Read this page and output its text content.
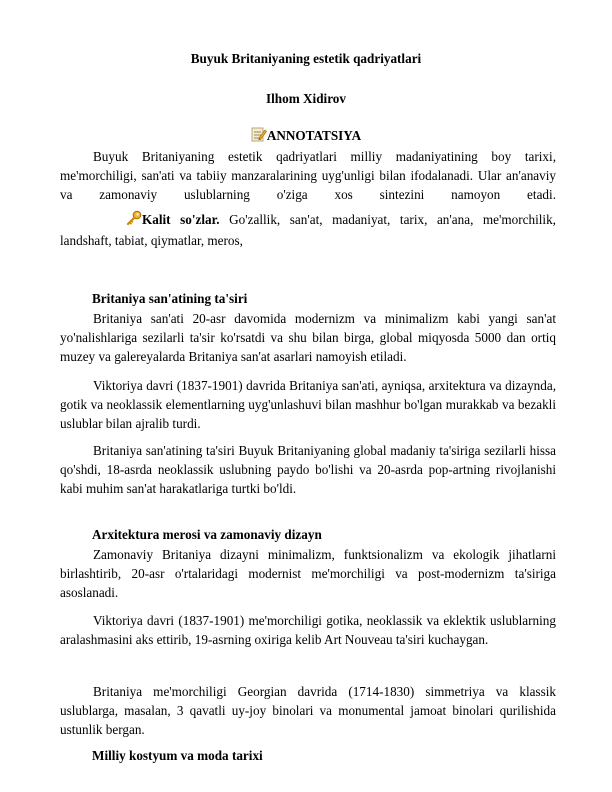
Buyuk Britaniyaning estetik qadriyatlari
Ilhom Xidirov
ANNOTATSIYA
Buyuk Britaniyaning estetik qadriyatlari milliy madaniyatining boy tarixi,
me'morchiligi, san'ati va tabiiy manzaralarining uyg'unligi bilan ifodalanadi. Ular an'anaviy va zamonaviy uslublarning o'ziga xos sintezini namoyon etadi.
Kalit so'zlar. Go'zallik, san'at, madaniyat, tarix, an'ana, me'morchilik, landshaft, tabiat, qiymatlar, meros,
Britaniya san'atining ta'siri
Britaniya san'ati 20-asr davomida modernizm va minimalizm kabi yangi san'at yo'nalishlariga sezilarli ta'sir ko'rsatdi va shu bilan birga, global miqyosda 5000 dan ortiq muzey va galereyalarda Britaniya san'at asarlari namoyish etiladi.
Viktoriya davri (1837-1901) davrida Britaniya san'ati, ayniqsa, arxitektura va dizaynda, gotik va neoklassik elementlarning uyg'unlashuvi bilan mashhur bo'lgan murakkab va bezakli uslublar bilan ajralib turdi.
Britaniya san'atining ta'siri Buyuk Britaniyaning global madaniy ta'siriga sezilarli hissa qo'shdi, 18-asrda neoklassik uslubning paydo bo'lishi va 20-asrda pop-artning rivojlanishi kabi muhim san'at harakatlariga turtki bo'ldi.
Arxitektura merosi va zamonaviy dizayn
Zamonaviy Britaniya dizayni minimalizm, funktsionalizm va ekologik jihatlarni birlashtirib, 20-asr o'rtalaridagi modernist me'morchiligi va post-modernizm ta'siriga asoslanadi.
Viktoriya davri (1837-1901) me'morchiligi gotika, neoklassik va eklektik uslublarning aralashmasini aks ettirib, 19-asrning oxiriga kelib Art Nouveau ta'siri kuchaygan.
Britaniya me'morchiligi Georgian davrida (1714-1830) simmetriya va klassik uslublarga, masalan, 3 qavatli uy-joy binolari va monumental jamoat binolari qurilishida ustunlik bergan.
Milliy kostyum va moda tarixi
